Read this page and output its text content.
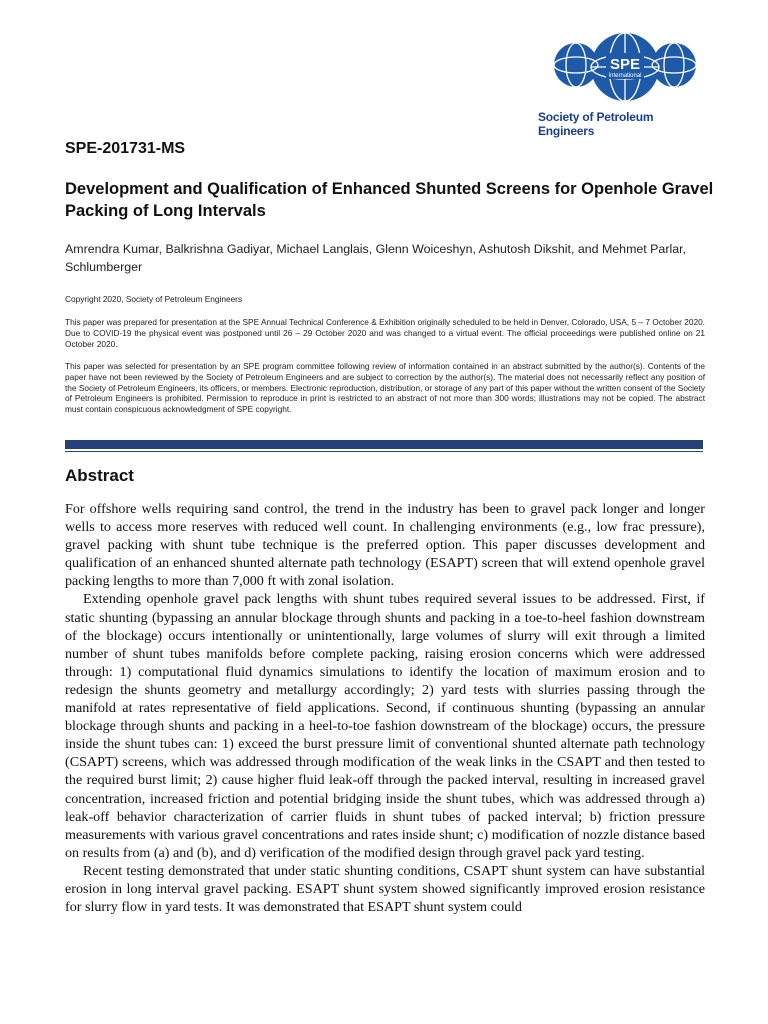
SPE
International
Society of Petroleum Engineers
SPE-201731-MS
Development and Qualification of Enhanced Shunted Screens for Openhole Gravel Packing of Long Intervals
Amrendra Kumar, Balkrishna Gadiyar, Michael Langlais, Glenn Woiceshyn, Ashutosh Dikshit, and Mehmet Parlar, Schlumberger
Copyright 2020, Society of Petroleum Engineers
This paper was prepared for presentation at the SPE Annual Technical Conference & Exhibition originally scheduled to be held in Denver, Colorado, USA, 5 – 7 October 2020. Due to COVID-19 the physical event was postponed until 26 – 29 October 2020 and was changed to a virtual event. The official proceedings were published online on 21 October 2020.
This paper was selected for presentation by an SPE program committee following review of information contained in an abstract submitted by the author(s). Contents of the paper have not been reviewed by the Society of Petroleum Engineers and are subject to correction by the author(s). The material does not necessarily reflect any position of the Society of Petroleum Engineers, its officers, or members. Electronic reproduction, distribution, or storage of any part of this paper without the written consent of the Society of Petroleum Engineers is prohibited. Permission to reproduce in print is restricted to an abstract of not more than 300 words; illustrations may not be copied. The abstract must contain conspicuous acknowledgment of SPE copyright.
Abstract

For offshore wells requiring sand control, the trend in the industry has been to gravel pack longer and longer wells to access more reserves with reduced well count. In challenging environments (e.g., low frac pressure), gravel packing with shunt tube technique is the preferred option. This paper discusses development and qualification of an enhanced shunted alternate path technology (ESAPT) screen that will extend openhole gravel packing lengths to more than 7,000 ft with zonal isolation.

Extending openhole gravel pack lengths with shunt tubes required several issues to be addressed. First, if static shunting (bypassing an annular blockage through shunts and packing in a toe-to-heel fashion downstream of the blockage) occurs intentionally or unintentionally, large volumes of slurry will exit through a limited number of shunt tubes manifolds before complete packing, raising erosion concerns which were addressed through: 1) computational fluid dynamics simulations to identify the location of maximum erosion and to redesign the shunts geometry and metallurgy accordingly; 2) yard tests with slurries passing through the manifold at rates representative of field applications. Second, if continuous shunting (bypassing an annular blockage through shunts and packing in a heel-to-toe fashion downstream of the blockage) occurs, the pressure inside the shunt tubes can: 1) exceed the burst pressure limit of conventional shunted alternate path technology (CSAPT) screens, which was addressed through modification of the weak links in the CSAPT and then tested to the required burst limit; 2) cause higher fluid leak-off through the packed interval, resulting in increased gravel concentration, increased friction and potential bridging inside the shunt tubes, which was addressed through a) leak-off behavior characterization of carrier fluids in shunt tubes of packed interval; b) friction pressure measurements with various gravel concentrations and rates inside shunt; c) modification of nozzle distance based on results from (a) and (b), and d) verification of the modified design through gravel pack yard testing.

Recent testing demonstrated that under static shunting conditions, CSAPT shunt system can have substantial erosion in long interval gravel packing. ESAPT shunt system showed significantly improved erosion resistance for slurry flow in yard tests. It was demonstrated that ESAPT shunt system could
